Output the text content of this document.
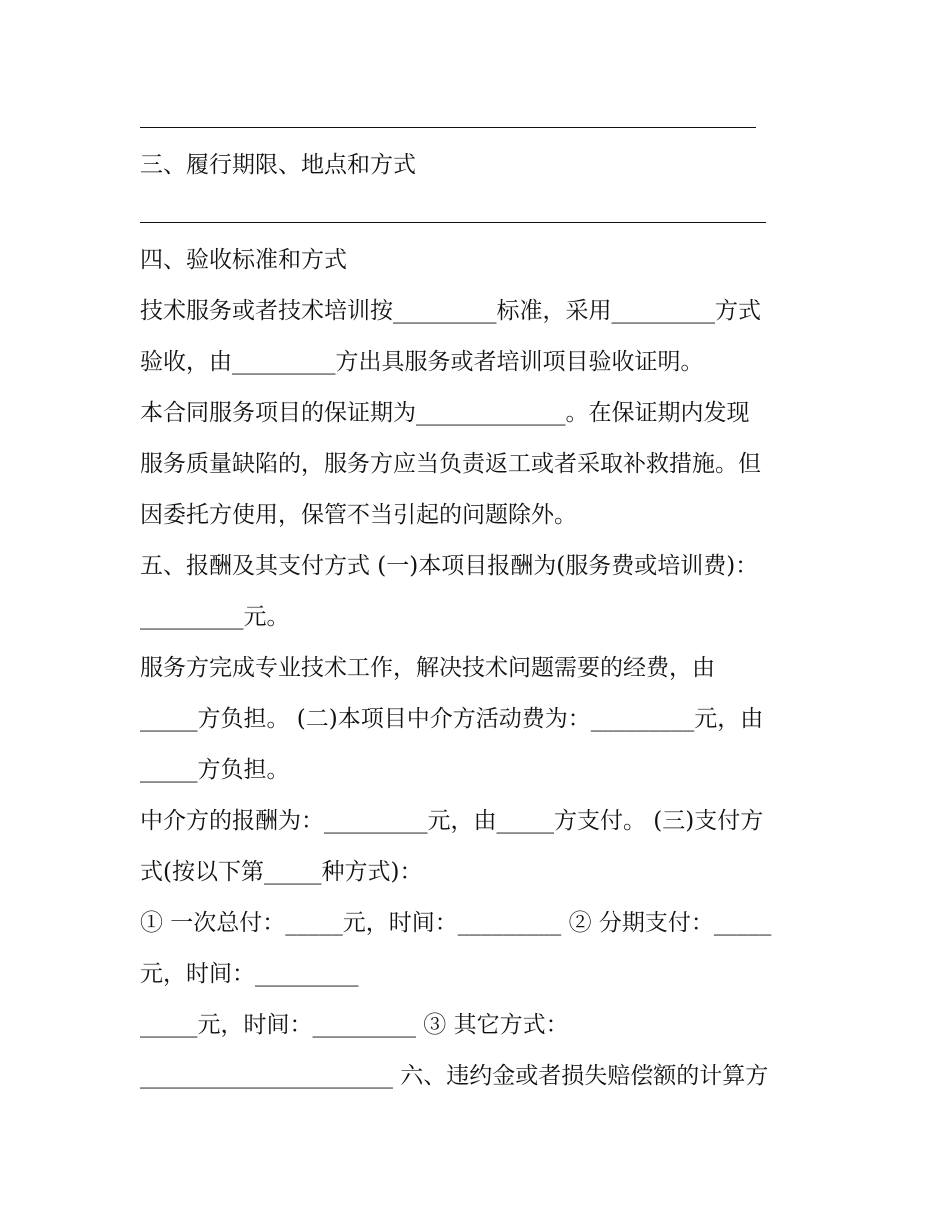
三、履行期限、地点和方式
四、验收标准和方式
技术服务或者技术培训按_________标准，采用_________方式
验收，由_________方出具服务或者培训项目验收证明。
本合同服务项目的保证期为_____________。在保证期内发现
服务质量缺陷的，服务方应当负责返工或者采取补救措施。但
因委托方使用，保管不当引起的问题除外。
五、报酬及其支付方式 (一)本项目报酬为(服务费或培训费)：
_________元。
服务方完成专业技术工作，解决技术问题需要的经费，由
_____方负担。 (二)本项目中介方活动费为：_________元，由
_____方负担。
中介方的报酬为：_________元，由_____方支付。 (三)支付方
式(按以下第_____种方式)：
① 一次总付：_____元，时间：_________ ② 分期支付：_____
元，时间：_________
_____元，时间：_________ ③ 其它方式：
______________________ 六、违约金或者损失赔偿额的计算方
